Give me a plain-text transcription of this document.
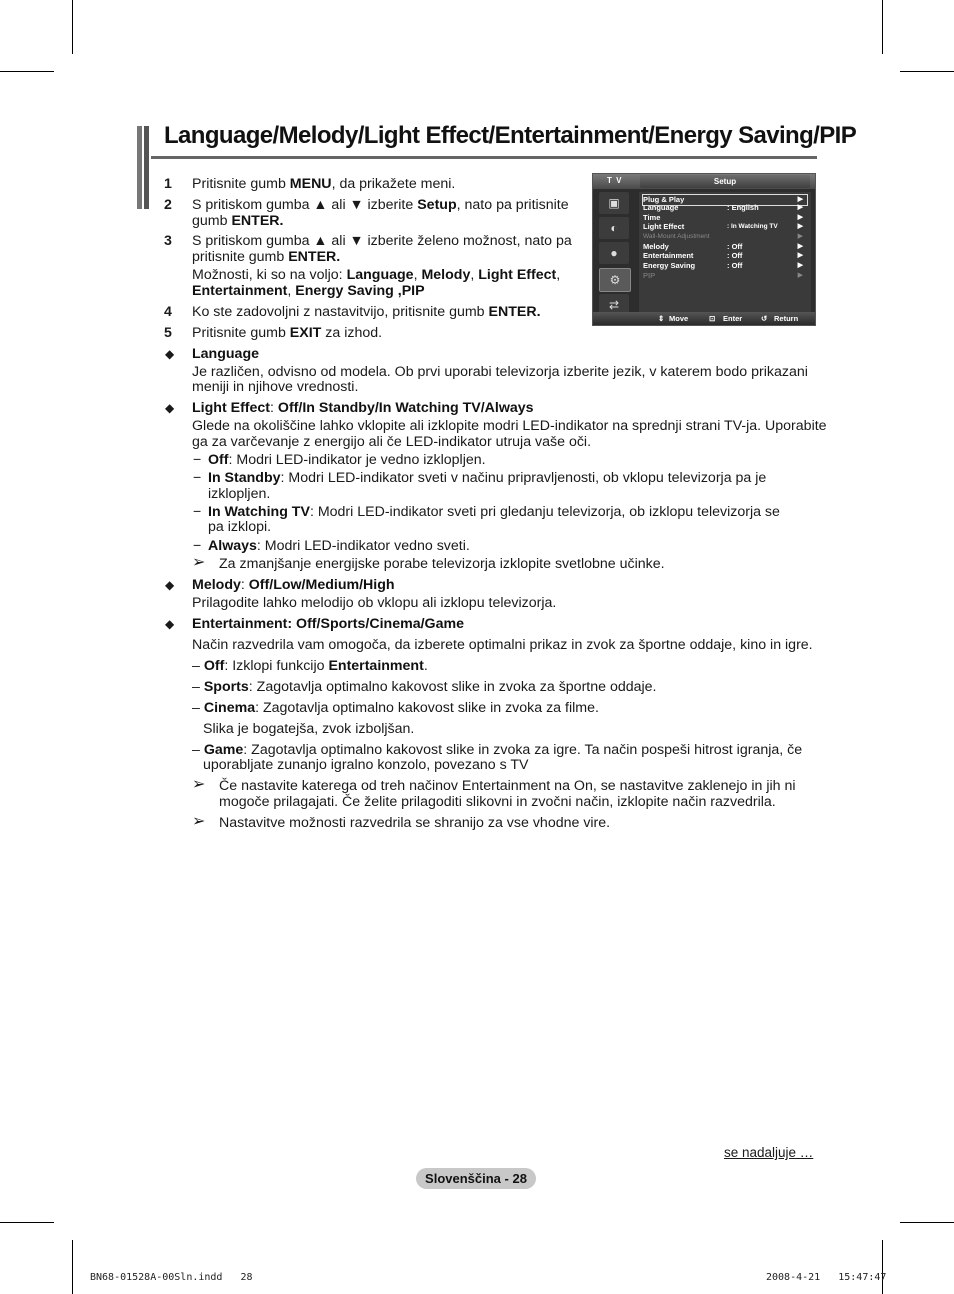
Language/Melody/Light Effect/Entertainment/Energy Saving/PIP
1 Pritisnite gumb MENU, da prikažete meni.
2 S pritiskom gumba ▲ ali ▼ izberite Setup, nato pa pritisnite
gumb ENTER.
3 S pritiskom gumba ▲ ali ▼ izberite želeno možnost, nato pa
pritisnite gumb ENTER.
Možnosti, ki so na voljo: Language, Melody, Light Effect,
Entertainment, Energy Saving ,PIP
4 Ko ste zadovoljni z nastavitvijo, pritisnite gumb ENTER.
5 Pritisnite gumb EXIT za izhod.
◆ Language
Je različen, odvisno od modela. Ob prvi uporabi televizorja izberite jezik, v katerem bodo prikazani
meniji in njihove vrednosti.
◆ Light Effect: Off/In Standby/In Watching TV/Always
Glede na okoliščine lahko vklopite ali izklopite modri LED-indikator na sprednji strani TV-ja. Uporabite
ga za varčevanje z energijo ali če LED-indikator utruja vaše oči.
− Off: Modri LED-indikator je vedno izklopljen.
− In Standby: Modri LED-indikator sveti v načinu pripravljenosti, ob vklopu televizorja pa je
izklopljen.
− In Watching TV: Modri LED-indikator sveti pri gledanju televizorja, ob izklopu televizorja se
pa izklopi.
− Always: Modri LED-indikator vedno sveti.
➢ Za zmanjšanje energijske porabe televizorja izklopite svetlobne učinke.
◆ Melody: Off/Low/Medium/High
Prilagodite lahko melodijo ob vklopu ali izklopu televizorja.
◆ Entertainment: Off/Sports/Cinema/Game
Način razvedrila vam omogoča, da izberete optimalni prikaz in zvok za športne oddaje, kino in igre.
– Off: Izklopi funkcijo Entertainment.
– Sports: Zagotavlja optimalno kakovost slike in zvoka za športne oddaje.
– Cinema: Zagotavlja optimalno kakovost slike in zvoka za filme.
Slika je bogatejša, zvok izboljšan.
– Game: Zagotavlja optimalno kakovost slike in zvoka za igre. Ta način pospeši hitrost igranja, če
uporabljate zunanjo igralno konzolo, povezano s TV
➢ Če nastavite katerega od treh načinov Entertainment na On, se nastavitve zaklenejo in jih ni
mogoče prilagajati. Če želite prilagoditi slikovni in zvočni način, izklopite način razvedrila.
➢ Nastavitve možnosti razvedrila se shranijo za vse vhodne vire.
T V	Setup
▣
◐
●
⚙
⇄
Plug & Play	▶
Language	: English	▶
Time	▶
Light Effect	: In Watching TV	▶
Wall-Mount Adjustment	▶
Melody	: Off	▶
Entertainment	: Off	▶
Energy Saving	: Off	▶
PIP	▶
⇕ Move	⊡ Enter	↺ Return
se nadaljuje …
Slovenščina - 28
BN68-01528A-00Sln.indd   28	2008-4-21   15:47:47
